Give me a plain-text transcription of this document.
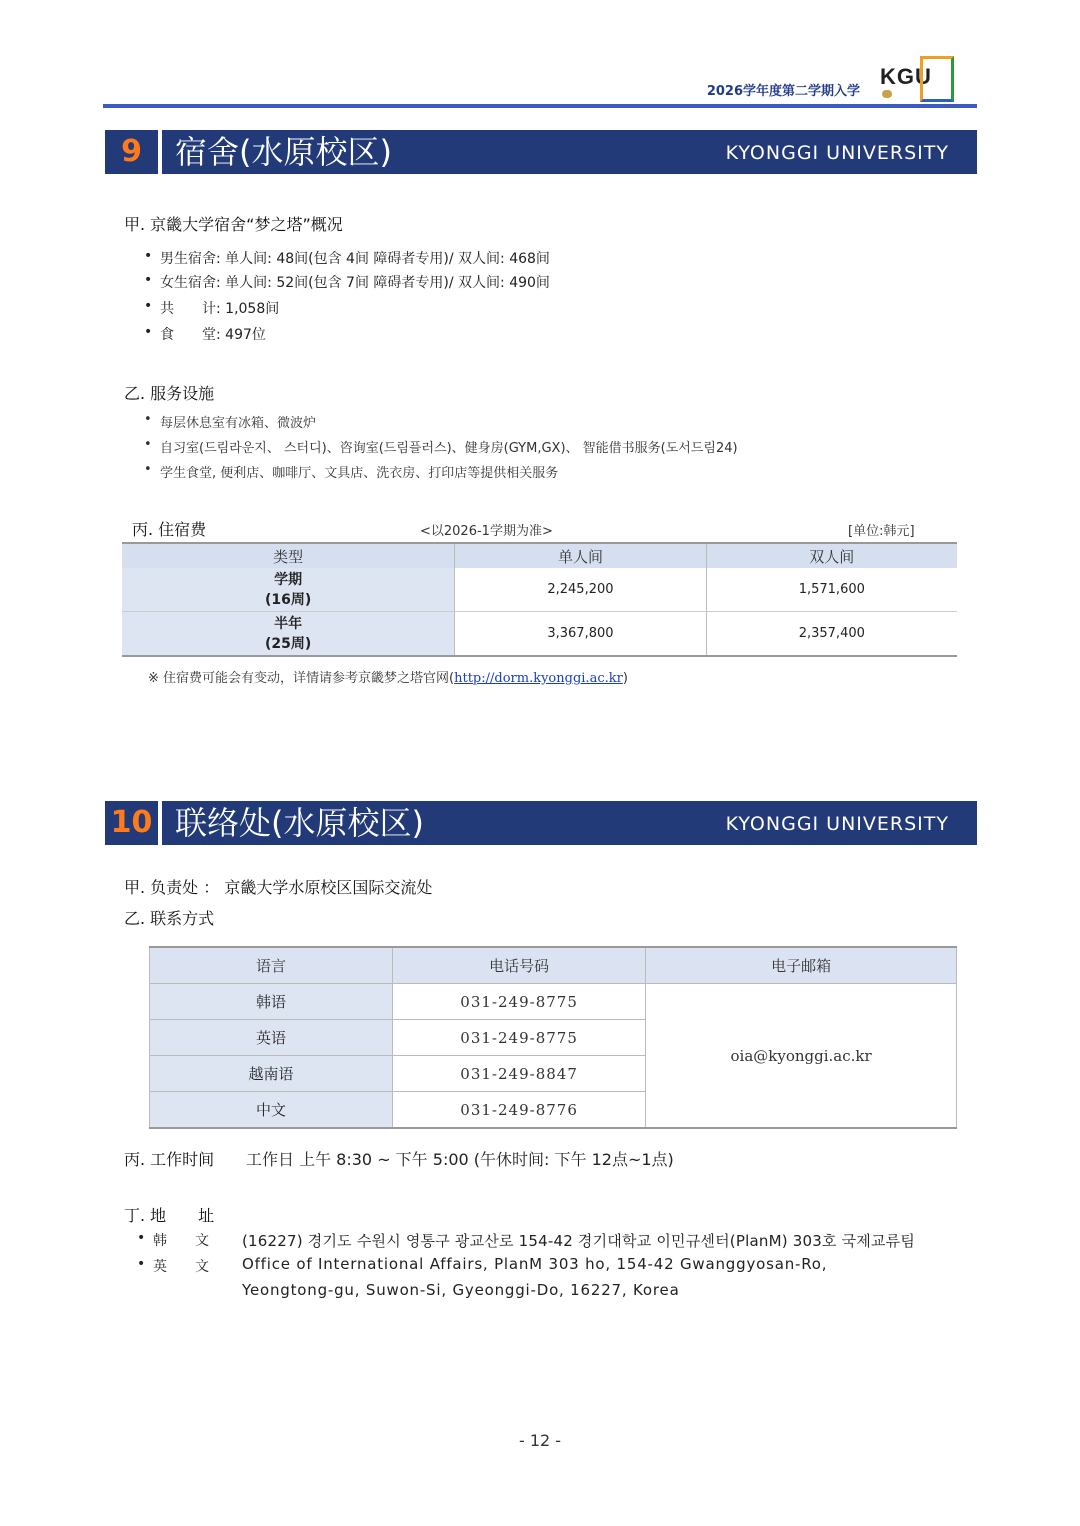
2026学年度第二学期入学
KGU
9	宿舍(水原校区)	KYONGGI UNIVERSITY
甲. 京畿大学宿舍“梦之塔”概况
• 男生宿舍: 单人间: 48间(包含 4间 障碍者专用)/ 双人间: 468间
• 女生宿舍: 单人间: 52间(包含 7间 障碍者专用)/ 双人间: 490间
• 共　　计: 1,058间
• 食　　堂: 497位
乙. 服务设施
• 每层休息室有冰箱、微波炉
• 自习室(드림라운지、 스터디)、咨询室(드림플러스)、健身房(GYM,GX)、 智能借书服务(도서드림24)
• 学生食堂, 便利店、咖啡厅、文具店、洗衣房、打印店等提供相关服务
丙. 住宿费	<以2026-1学期为准>	[单位:韩元]
类型	单人间	双人间

学期
(16周)	2,245,200	1,571,600

半年
(25周)	3,367,800	2,357,400
※ 住宿费可能会有变动，详情请参考京畿梦之塔官网(http://dorm.kyonggi.ac.kr)
10 联络处(水原校区)	KYONGGI UNIVERSITY
甲. 负责处 ： 京畿大学水原校区国际交流处
乙. 联系方式
语言	电话号码	电子邮箱
韩语	031-249-8775	oia@kyonggi.ac.kr
英语	031-249-8775	
越南语	031-249-8847	
中文	031-249-8776	
丙. 工作时间 工作日 上午 8:30 ~ 下午 5:00 (午休时间: 下午 12点~1点)
丁. 地　　址
• 韩　　文 (16227) 경기도 수원시 영통구 광교산로 154-42 경기대학교 이민규센터(PlanM) 303호 국제교류팀
• 英　　文 Office of International Affairs, PlanM 303 ho, 154-42 Gwanggyosan-Ro,
Yeongtong-gu, Suwon-Si, Gyeonggi-Do, 16227, Korea
- 12 -
